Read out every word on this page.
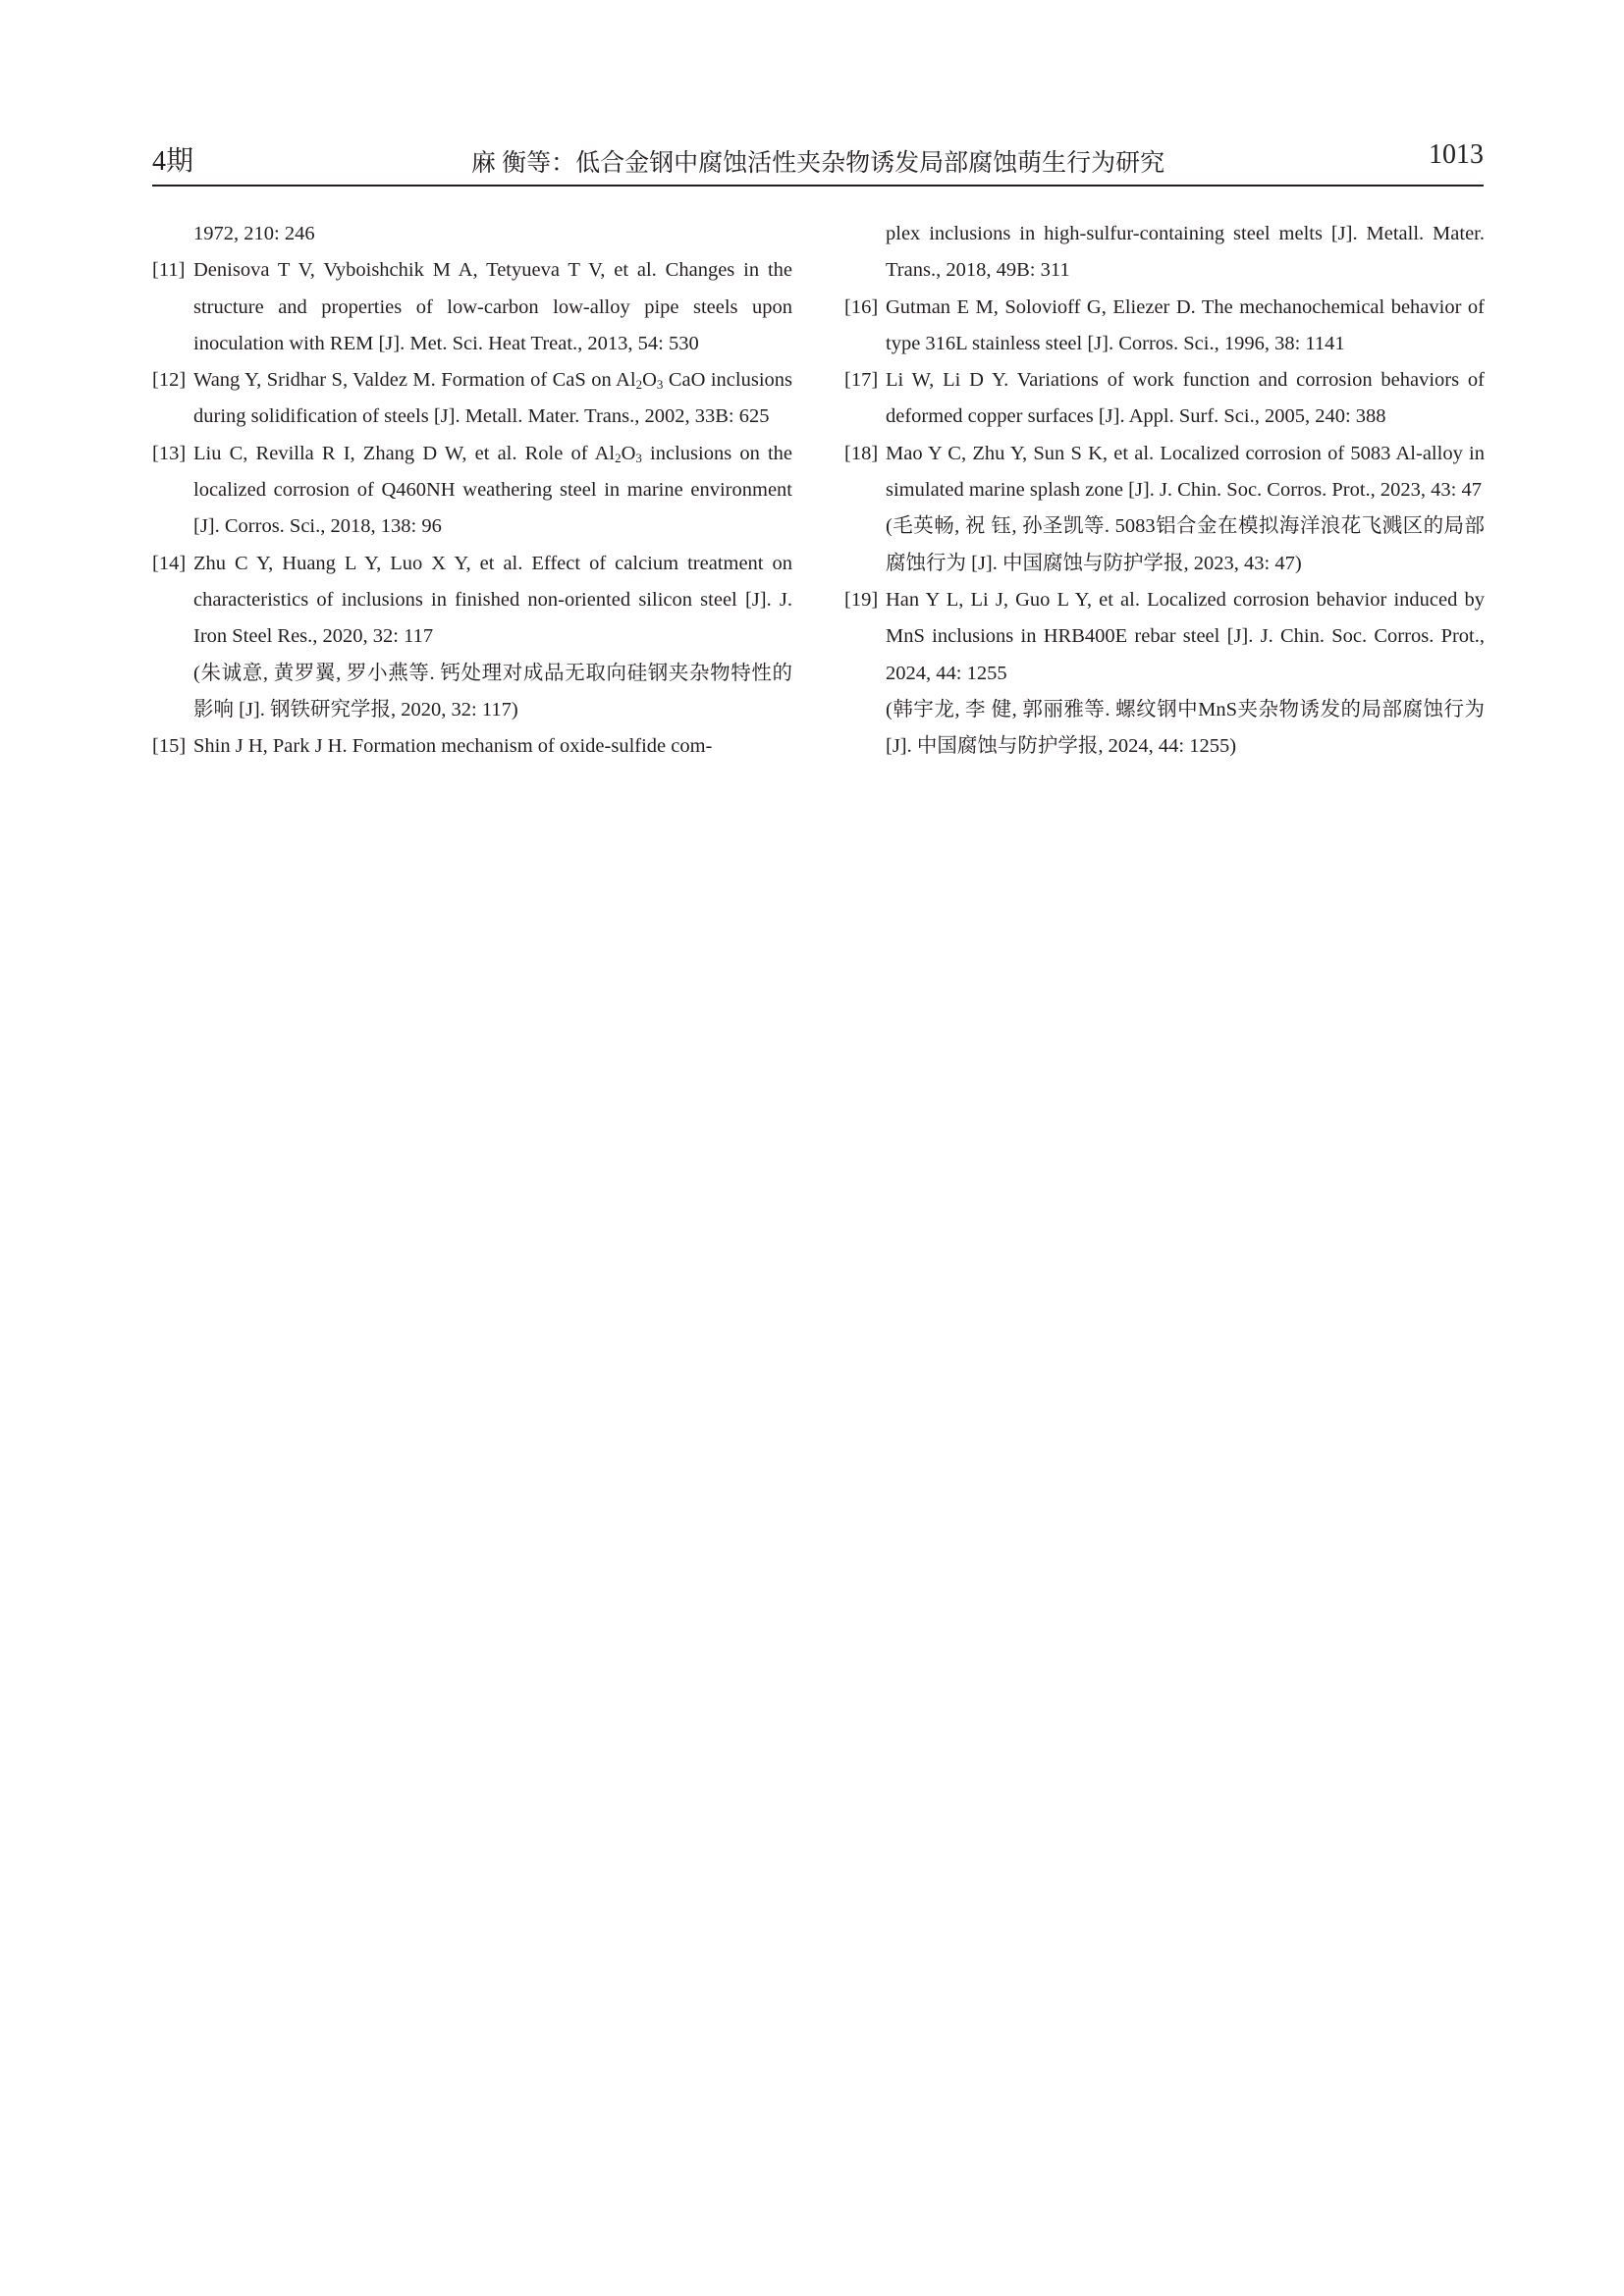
4期	麻 衡等：低合金钢中腐蚀活性夹杂物诱发局部腐蚀萌生行为研究	1013
1972, 210: 246
[11] Denisova T V, Vyboishchik M A, Tetyueva T V, et al. Changes in the structure and properties of low-carbon low-alloy pipe steels upon inoculation with REM [J]. Met. Sci. Heat Treat., 2013, 54: 530
[12] Wang Y, Sridhar S, Valdez M. Formation of CaS on $Al_2O_3$ CaO inclusions during solidification of steels [J]. Metall. Mater. Trans., 2002, 33B: 625
[13] Liu C, Revilla R I, Zhang D W, et al. Role of $Al_2O_3$ inclusions on the localized corrosion of Q460NH weathering steel in marine environment [J]. Corros. Sci., 2018, 138: 96
[14] Zhu C Y, Huang L Y, Luo X Y, et al. Effect of calcium treatment on characteristics of inclusions in finished non-oriented silicon steel [J]. J. Iron Steel Res., 2020, 32: 117
(朱诚意, 黄罗翼, 罗小燕等. 钙处理对成品无取向硅钢夹杂物特性的影响 [J]. 钢铁研究学报, 2020, 32: 117)
[15] Shin J H, Park J H. Formation mechanism of oxide-sulfide com-
plex inclusions in high-sulfur-containing steel melts [J]. Metall. Mater. Trans., 2018, 49B: 311
[16] Gutman E M, Solovioff G, Eliezer D. The mechanochemical behavior of type 316L stainless steel [J]. Corros. Sci., 1996, 38: 1141
[17] Li W, Li D Y. Variations of work function and corrosion behaviors of deformed copper surfaces [J]. Appl. Surf. Sci., 2005, 240: 388
[18] Mao Y C, Zhu Y, Sun S K, et al. Localized corrosion of 5083 Al-alloy in simulated marine splash zone [J]. J. Chin. Soc. Corros. Prot., 2023, 43: 47
(毛英畅, 祝 钰, 孙圣凯等. 5083铝合金在模拟海洋浪花飞溅区的局部腐蚀行为 [J]. 中国腐蚀与防护学报, 2023, 43: 47)
[19] Han Y L, Li J, Guo L Y, et al. Localized corrosion behavior induced by MnS inclusions in HRB400E rebar steel [J]. J. Chin. Soc. Corros. Prot., 2024, 44: 1255
(韩宇龙, 李 健, 郭丽雅等. 螺纹钢中MnS夹杂物诱发的局部腐蚀行为 [J]. 中国腐蚀与防护学报, 2024, 44: 1255)
